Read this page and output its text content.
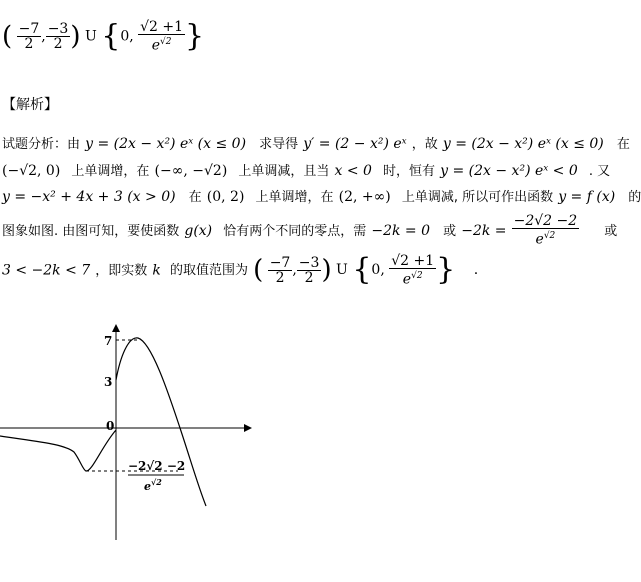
( $\frac{-7}{2}$ , $\frac{-3}{2}$ ) U {0, $\frac{√2 +1}{e^{√2}}$ }
【解析】
试题分析：由 y = (2x − x²) eˣ (x ≤ 0) 求导得 y′ = (2 − x²) eˣ ，故 y = (2x − x²) eˣ (x ≤ 0) 在
(−√2, 0) 上单调增，在 (−∞, −√2) 上单调减，且当 x < 0 时，恒有 y = (2x − x²) eˣ < 0 . 又
y = −x² + 4x + 3 (x > 0) 在 (0, 2) 上单调增，在 (2, +∞) 上单调减, 所以可作出函数 y = f (x) 的
图象如图. 由图可知，要使函数 g(x) 恰有两个不同的零点，需 −2k = 0 或 $-2k = \frac{-2√2 -2}{e^{√2}}$ 或
3 < −2k < 7 ，即实数 k 的取值范围为 ( $\frac{-7}{2}$ , $\frac{-3}{2}$ ) U {0, $\frac{√2 +1}{e^{√2}}$ } .
7
3
0
−2√2 −2
$e^{√2}$
